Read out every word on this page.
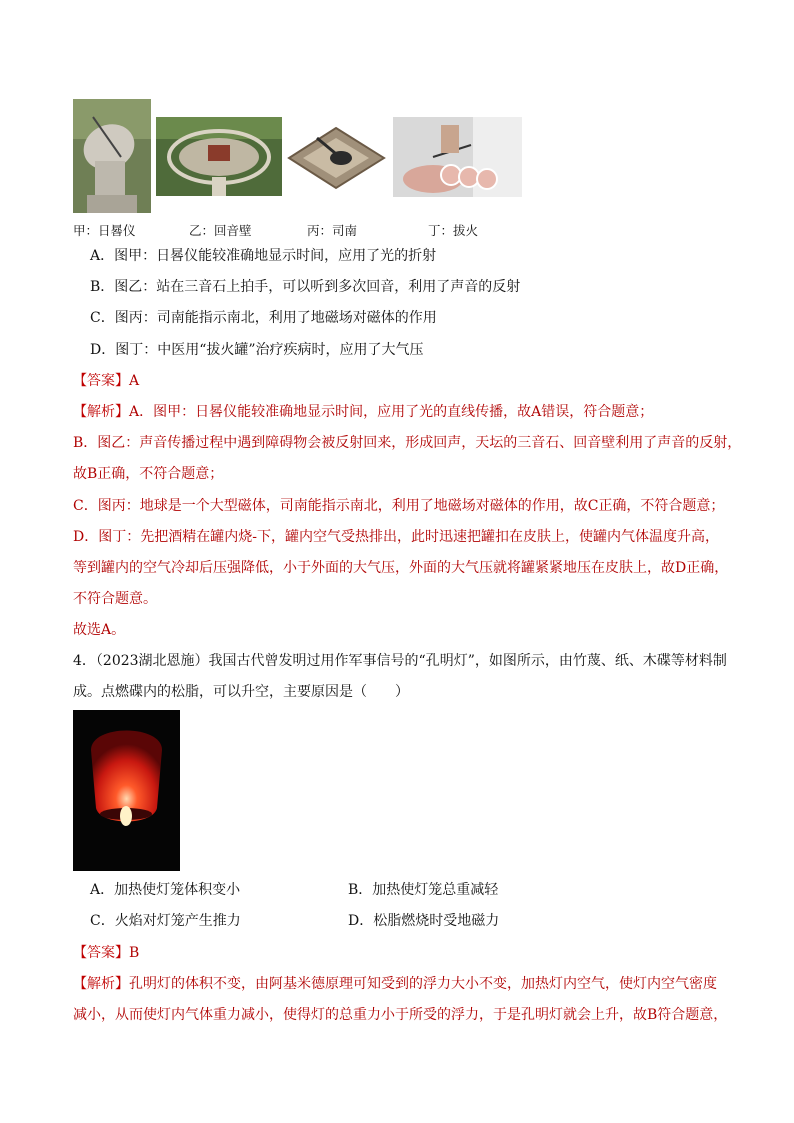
甲：日晷仪	乙：回音壁	丙：司南	丁：拔火
A．图甲：日晷仪能较准确地显示时间，应用了光的折射
B．图乙：站在三音石上拍手，可以听到多次回音，利用了声音的反射
C．图丙：司南能指示南北，利用了地磁场对磁体的作用
D．图丁：中医用“拔火罐”治疗疾病时，应用了大气压
【答案】A
【解析】A．图甲：日晷仪能较准确地显示时间，应用了光的直线传播，故A错误，符合题意；
B．图乙：声音传播过程中遇到障碍物会被反射回来，形成回声，天坛的三音石、回音壁利用了声音的反射，
故B正确，不符合题意；
C．图丙：地球是一个大型磁体，司南能指示南北，利用了地磁场对磁体的作用，故C正确，不符合题意；
D．图丁：先把酒精在罐内烧-下，罐内空气受热排出，此时迅速把罐扣在皮肤上，使罐内气体温度升高，
等到罐内的空气冷却后压强降低，小于外面的大气压，外面的大气压就将罐紧紧地压在皮肤上，故D正确，
不符合题意。
故选A。
4．（2023湖北恩施）我国古代曾发明过用作军事信号的“孔明灯”，如图所示，由竹蔑、纸、木碟等材料制
成。点燃碟内的松脂，可以升空，主要原因是（　　）
A．加热使灯笼体积变小	B．加热使灯笼总重减轻
C．火焰对灯笼产生推力	D．松脂燃烧时受地磁力
【答案】B
【解析】孔明灯的体积不变，由阿基米德原理可知受到的浮力大小不变，加热灯内空气，使灯内空气密度
减小，从而使灯内气体重力减小，使得灯的总重力小于所受的浮力，于是孔明灯就会上升，故B符合题意，
